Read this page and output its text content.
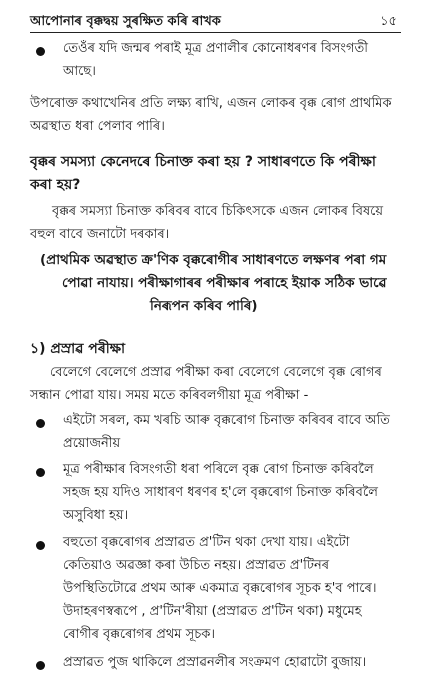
আপোনাৰ বৃক্কদ্বয় সুৰক্ষিত কৰি ৰাখক	১৫
তেওঁৰ যদি জন্মৰ পৰাই মূত্ৰ প্ৰণালীৰ কোনোধৰণৰ বিসংগতী
আছে।
উপৰোক্ত কথাখেনিৰ প্ৰতি লক্ষ্য ৰাখি, এজন লোকৰ বৃক্ক ৰোগ প্ৰাথমিক
অৱস্থাত ধৰা পেলাব পাৰি।
বৃক্কৰ সমস্যা কেনেদৰে চিনাক্ত কৰা হয় ? সাধাৰণতে কি পৰীক্ষা
কৰা হয়?
বৃক্কৰ সমস্যা চিনাক্ত কৰিবৰ বাবে চিকিৎসকে এজন লোকৰ বিষয়ে
বহুল বাবে জনাটো দৰকাৰ।
(প্ৰাথমিক অৱস্থাত ক্ৰ'ণিক বৃক্কৰোগীৰ সাধাৰণতে লক্ষণৰ পৰা গম
পোৱা নাযায়। পৰীক্ষাগাৰৰ পৰীক্ষাৰ পৰাহে ইয়াক সঠিক ভাৱে
নিৰূপন কৰিব পাৰি)
১) প্ৰস্ৰাৱ পৰীক্ষা
বেলেগে বেলেগে প্ৰস্ৰাৱ পৰীক্ষা কৰা বেলেগে বেলেগে বৃক্ক ৰোগৰ
সন্ধান পোৱা যায়। সময় মতে কৰিবলগীয়া মূত্ৰ পৰীক্ষা -
এইটো সৰল, কম খৰচি আৰু বৃক্কৰোগ চিনাক্ত কৰিবৰ বাবে অতি
প্ৰয়োজনীয়
মূত্ৰ পৰীক্ষাৰ বিসংগতী ধৰা পৰিলে বৃক্ক ৰোগ চিনাক্ত কৰিবলৈ
সহজ হয় যদিও সাধাৰণ ধৰণৰ হ'লে বৃক্কৰোগ চিনাক্ত কৰিবলৈ
অসুবিধা হয়।
বহুতো বৃক্কৰোগৰ প্ৰস্ৰাৱত প্ৰ'টিন থকা দেখা যায়। এইটো
কেতিয়াও অৱজ্ঞা কৰা উচিত নহয়। প্ৰস্ৰাৱত প্ৰ'টিনৰ
উপস্থিতিটোৱে প্ৰথম আৰু একমাত্ৰ বৃক্কৰোগৰ সূচক হ'ব পাৰে।
উদাহৰণস্বৰূপে , প্ৰ'টিন'ৰীয়া (প্ৰস্ৰাৱত প্ৰ'টিন থকা) মধুমেহ
ৰোগীৰ বৃক্কৰোগৰ প্ৰথম সূচক।
প্ৰস্ৰাৱত পুজ থাকিলে প্ৰস্ৰাৱনলীৰ সংক্ৰমণ হোৱাটো বুজায়।
